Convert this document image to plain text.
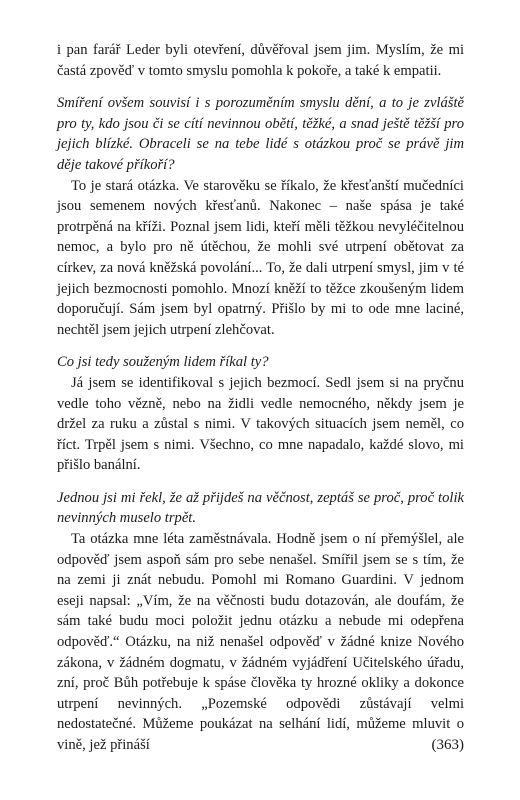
i pan farář Leder byli otevření, důvěřoval jsem jim. Myslím, že mi častá zpověď v tomto smyslu pomohla k pokoře, a také k empatii.

Smíření ovšem souvisí i s porozuměním smyslu dění, a to je zvláště pro ty, kdo jsou či se cítí nevinnou obětí, těžké, a snad ještě těžší pro jejich blízké. Obraceli se na tebe lidé s otázkou proč se právě jim děje takové příkoří?

To je stará otázka. Ve starověku se říkalo, že křesťanští mučedníci jsou semenem nových křesťanů. Nakonec – naše spása je také protrpěná na kříži. Poznal jsem lidi, kteří měli těžkou nevyléčitelnou nemoc, a bylo pro ně útěchou, že mohli své utrpení obětovat za církev, za nová kněžská povolání... To, že dali utrpení smysl, jim v té jejich bezmocnosti pomohlo. Mnozí kněží to těžce zkoušeným lidem doporučují. Sám jsem byl opatrný. Přišlo by mi to ode mne laciné, nechtěl jsem jejich utrpení zlehčovat.

Co jsi tedy souženým lidem říkal ty?

Já jsem se identifikoval s jejich bezmocí. Sedl jsem si na pryčnu vedle toho vězně, nebo na židli vedle nemocného, někdy jsem je držel za ruku a zůstal s nimi. V takových situacích jsem neměl, co říct. Trpěl jsem s nimi. Všechno, co mne napadalo, každé slovo, mi přišlo banální.

Jednou jsi mi řekl, že až přijdeš na věčnost, zeptáš se proč, proč tolik nevinných muselo trpět.

Ta otázka mne léta zaměstnávala. Hodně jsem o ní přemýšlel, ale odpověď jsem aspoň sám pro sebe nenašel. Smířil jsem se s tím, že na zemi ji znát nebudu. Pomohl mi Romano Guardini. V jednom eseji napsal: „Vím, že na věčnosti budu dotazován, ale doufám, že sám také budu moci položit jednu otázku a nebude mi odepřena odpověď.“ Otázku, na niž nenašel odpověď v žádné knize Nového zákona, v žádném dogmatu, v žádném vyjádření Učitelského úřadu, zní, proč Bůh potřebuje k spáse člověka ty hrozné okliky a dokonce utrpení nevinných. „Pozemské odpovědi zůstávají velmi nedostatečné. Můžeme poukázat na selhání lidí, můžeme mluvit o vině, jež přináší	(363)
